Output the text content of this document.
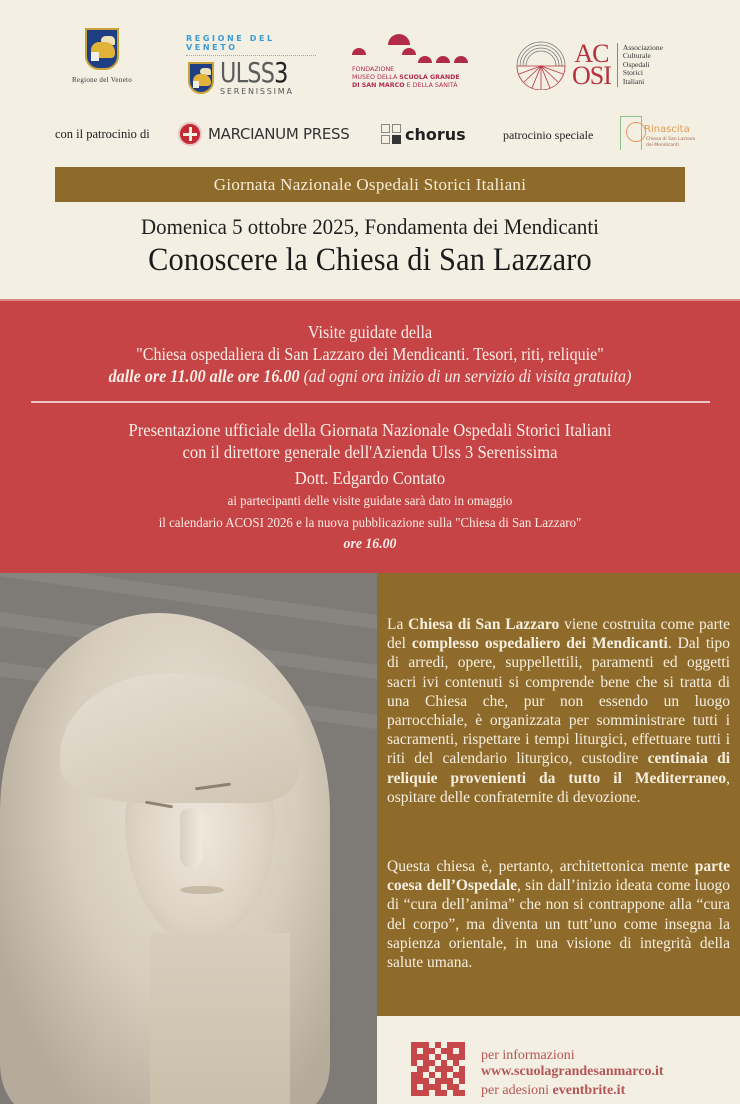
Regione del Veneto
REGIONE DEL VENETO
ULSS3
SERENISSIMA
FONDAZIONE
MUSEO DELLA SCUOLA GRANDE
DI SAN MARCO E DELLA SANITÀ
AC
OSI
Associazione
Culturale
Ospedali
Storici
Italiani
con il patrocinio di	MARCIANUM PRESS	chorus	patrocinio speciale	Rinascita
Chiesa di San Lazzaro
dei Mendicanti
Giornata Nazionale Ospedali Storici Italiani
Domenica 5 ottobre 2025, Fondamenta dei Mendicanti
Conoscere la Chiesa di San Lazzaro
Visite guidate della
"Chiesa ospedaliera di San Lazzaro dei Mendicanti. Tesori, riti, reliquie"
dalle ore 11.00 alle ore 16.00 (ad ogni ora inizio di un servizio di visita gratuita)
Presentazione ufficiale della Giornata Nazionale Ospedali Storici Italiani
con il direttore generale dell'Azienda Ulss 3 Serenissima
Dott. Edgardo Contato
ai partecipanti delle visite guidate sarà dato in omaggio
il calendario ACOSI 2026 e la nuova pubblicazione sulla "Chiesa di San Lazzaro"
ore 16.00

La Chiesa di San Lazzaro viene costruita come parte del complesso ospedaliero dei Mendicanti. Dal tipo di arredi, opere, suppellettili, paramenti ed oggetti sacri ivi contenuti si comprende bene che si tratta di una Chiesa che, pur non essendo un luogo parrocchiale, è organizzata per somministrare tutti i sacramenti, rispettare i tempi liturgici, effettuare tutti i riti del calendario liturgico, custodire centinaia di reliquie provenienti da tutto il Mediterraneo, ospitare delle confraternite di devozione.

Questa chiesa è, pertanto, architettonica mente parte coesa dell’Ospedale, sin dall’inizio ideata come luogo di “cura dell’anima” che non si contrappone alla “cura del corpo”, ma diventa un tutt’uno come insegna la sapienza orientale, in una visione di integrità della salute umana.

per informazioni
www.scuolagrandesanmarco.it
per adesioni eventbrite.it
